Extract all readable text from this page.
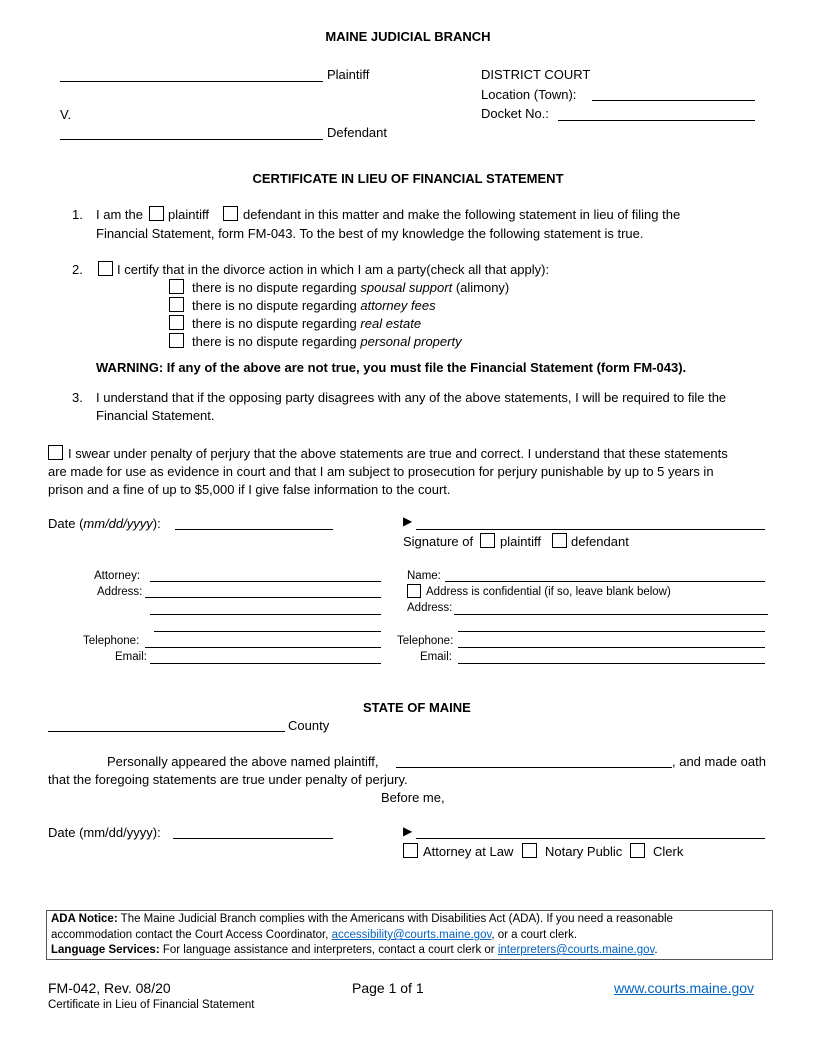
MAINE JUDICIAL BRANCH
Plaintiff
V.
Defendant
DISTRICT COURT
Location (Town):
Docket No.:
CERTIFICATE IN LIEU OF FINANCIAL STATEMENT
1. I am the plaintiff	defendant in this matter and make the following statement in lieu of filing the
Financial Statement, form FM-043. To the best of my knowledge the following statement is true.
2.	I certify that in the divorce action in which I am a party(check all that apply):
there is no dispute regarding spousal support (alimony)
there is no dispute regarding attorney fees
there is no dispute regarding real estate
there is no dispute regarding personal property
WARNING: If any of the above are not true, you must file the Financial Statement (form FM-043).
3. I understand that if the opposing party disagrees with any of the above statements, I will be required to file the
Financial Statement.
I swear under penalty of perjury that the above statements are true and correct. I understand that these statements
are made for use as evidence in court and that I am subject to prosecution for perjury punishable by up to 5 years in
prison and a fine of up to $5,000 if I give false information to the court.
Date (mm/dd/yyyy):	▶
Signature of plaintiff defendant
Attorney:
Address:
Telephone:
Email:
Name:
Address is confidential (if so, leave blank below)
Address:
Telephone:
Email:
STATE OF MAINE
County
Personally appeared the above named plaintiff,	, and made oath
that the foregoing statements are true under penalty of perjury.
Before me,
Date (mm/dd/yyyy):	▶
Attorney at Law Notary Public Clerk
ADA Notice: The Maine Judicial Branch complies with the Americans with Disabilities Act (ADA). If you need a reasonable
accommodation contact the Court Access Coordinator, accessibility@courts.maine.gov, or a court clerk.
Language Services: For language assistance and interpreters, contact a court clerk or interpreters@courts.maine.gov.
FM-042, Rev. 08/20
Certificate in Lieu of Financial Statement
Page 1 of 1	www.courts.maine.gov
